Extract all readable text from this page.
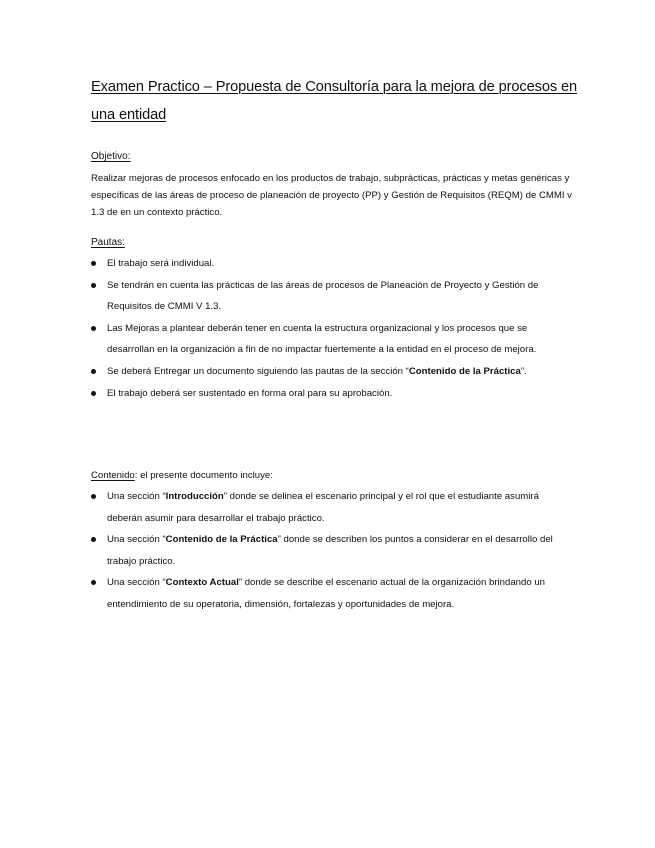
Examen Practico – Propuesta de Consultoría para la mejora de procesos en una entidad
Objetivo:

Realizar mejoras de procesos enfocado en los productos de trabajo, subprácticas, prácticas y metas genéricas y específicas de las áreas de proceso de planeación de proyecto (PP) y Gestión de Requisitos (REQM) de CMMI v 1.3 de en un contexto práctico.

Pautas:
El trabajo será individual.
Se tendrán en cuenta las prácticas de las áreas de procesos de Planeación de Proyecto y Gestión de Requisitos de CMMI V 1.3.
Las Mejoras a plantear deberán tener en cuenta la estructura organizacional y los procesos que se desarrollan en la organización a fin de no impactar fuertemente a la entidad en el proceso de mejora.
Se deberá Entregar un documento siguiendo las pautas de la sección “Contenido de la Práctica”.
El trabajo deberá ser sustentado en forma oral para su aprobación.
Contenido: el presente documento incluye:
Una sección “Introducción” donde se delinea el escenario principal y el rol que el estudiante asumirá deberán asumir para desarrollar el trabajo práctico.
Una sección “Contenido de la Práctica” donde se describen los puntos a considerar en el desarrollo del trabajo práctico.
Una sección “Contexto Actual” donde se describe el escenario actual de la organización brindando un entendimiento de su operatoria, dimensión, fortalezas y oportunidades de mejora.
